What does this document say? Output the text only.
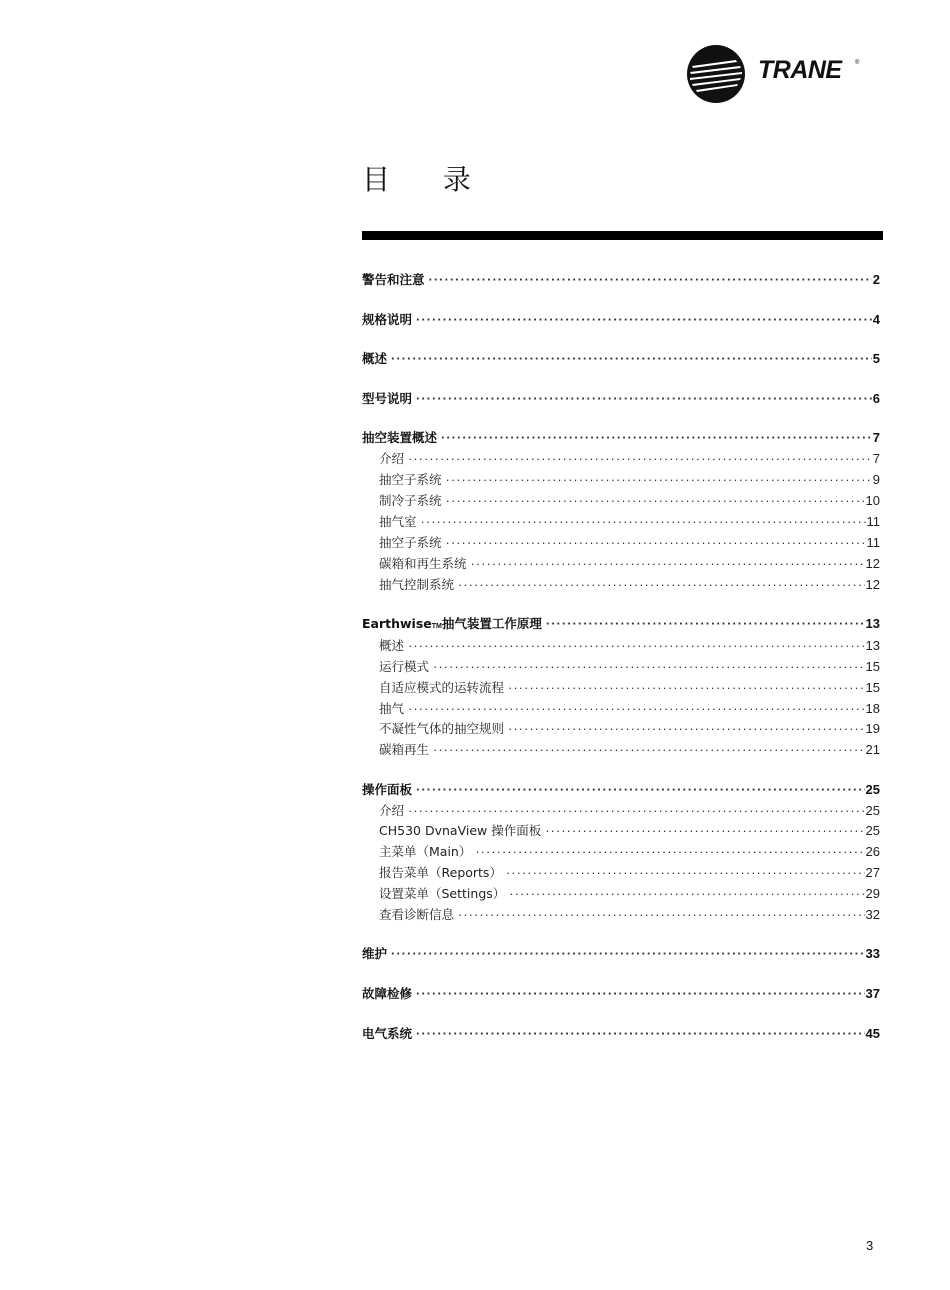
TRANE ®
目 录
警告和注意 ·····	2
规格说明 ·····	4
概述 ·····	5
型号说明 ·····	6
抽空装置概述 ·····	7
介绍 ·····	7
抽空子系统 ·····	9
制冷子系统 ·····	10
抽气室 ·····	11
抽空子系统 ·····	11
碳箱和再生系统 ·····	12
抽气控制系统 ·····	12
Earthwise$_{TM}$ 抽气装置工作原理 ·····	13
概述 ·····	13
运行模式 ·····	15
自适应模式的运转流程 ·····	15
抽气 ·····	18
不凝性气体的抽空规则 ·····	19
碳箱再生 ·····	21
操作面板 ·····	25
介绍 ·····	25
CH530 DvnaView 操作面板 ·····	25
主菜单（Main） ·····	26
报告菜单（Reports） ·····	27
设置菜单（Settings） ·····	29
查看诊断信息 ·····	32
维护 ·····	33
故障检修 ·····	37
电气系统 ·····	45
3
